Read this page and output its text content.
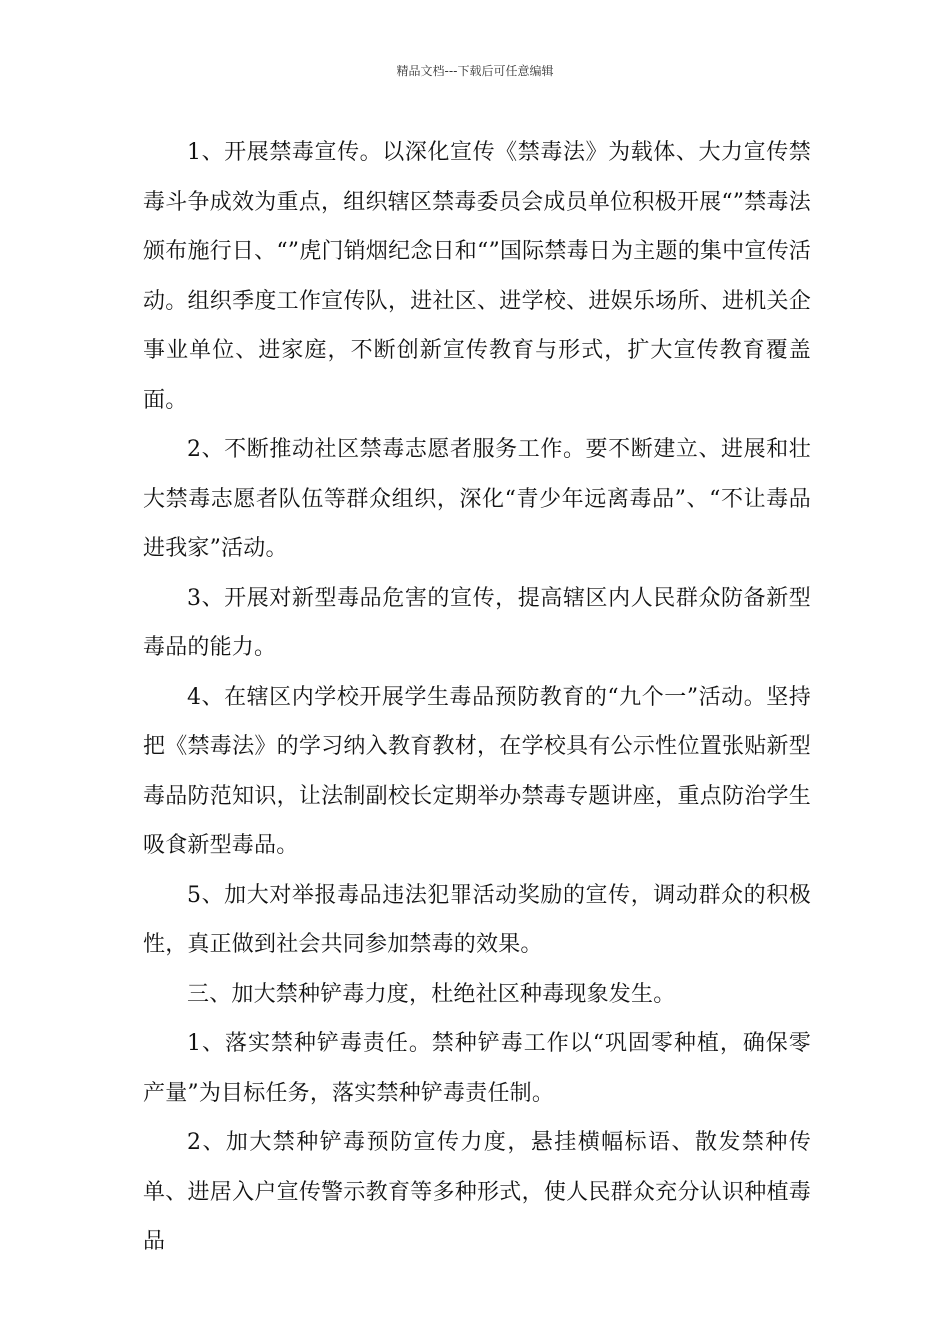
精品文档---下载后可任意编辑

1、开展禁毒宣传。以深化宣传《禁毒法》为载体、大力宣传禁毒斗争成效为重点，组织辖区禁毒委员会成员单位积极开展“”禁毒法颁布施行日、“”虎门销烟纪念日和“”国际禁毒日为主题的集中宣传活动。组织季度工作宣传队，进社区、进学校、进娱乐场所、进机关企事业单位、进家庭，不断创新宣传教育与形式，扩大宣传教育覆盖面。

2、不断推动社区禁毒志愿者服务工作。要不断建立、进展和壮大禁毒志愿者队伍等群众组织，深化“青少年远离毒品”、“不让毒品进我家”活动。

3、开展对新型毒品危害的宣传，提高辖区内人民群众防备新型毒品的能力。

4、在辖区内学校开展学生毒品预防教育的“九个一”活动。坚持把《禁毒法》的学习纳入教育教材，在学校具有公示性位置张贴新型毒品防范知识，让法制副校长定期举办禁毒专题讲座，重点防治学生吸食新型毒品。

5、加大对举报毒品违法犯罪活动奖励的宣传，调动群众的积极性，真正做到社会共同参加禁毒的效果。

三、加大禁种铲毒力度，杜绝社区种毒现象发生。

1、落实禁种铲毒责任。禁种铲毒工作以“巩固零种植，确保零产量”为目标任务，落实禁种铲毒责任制。

2、加大禁种铲毒预防宣传力度，悬挂横幅标语、散发禁种传单、进居入户宣传警示教育等多种形式，使人民群众充分认识种植毒品
